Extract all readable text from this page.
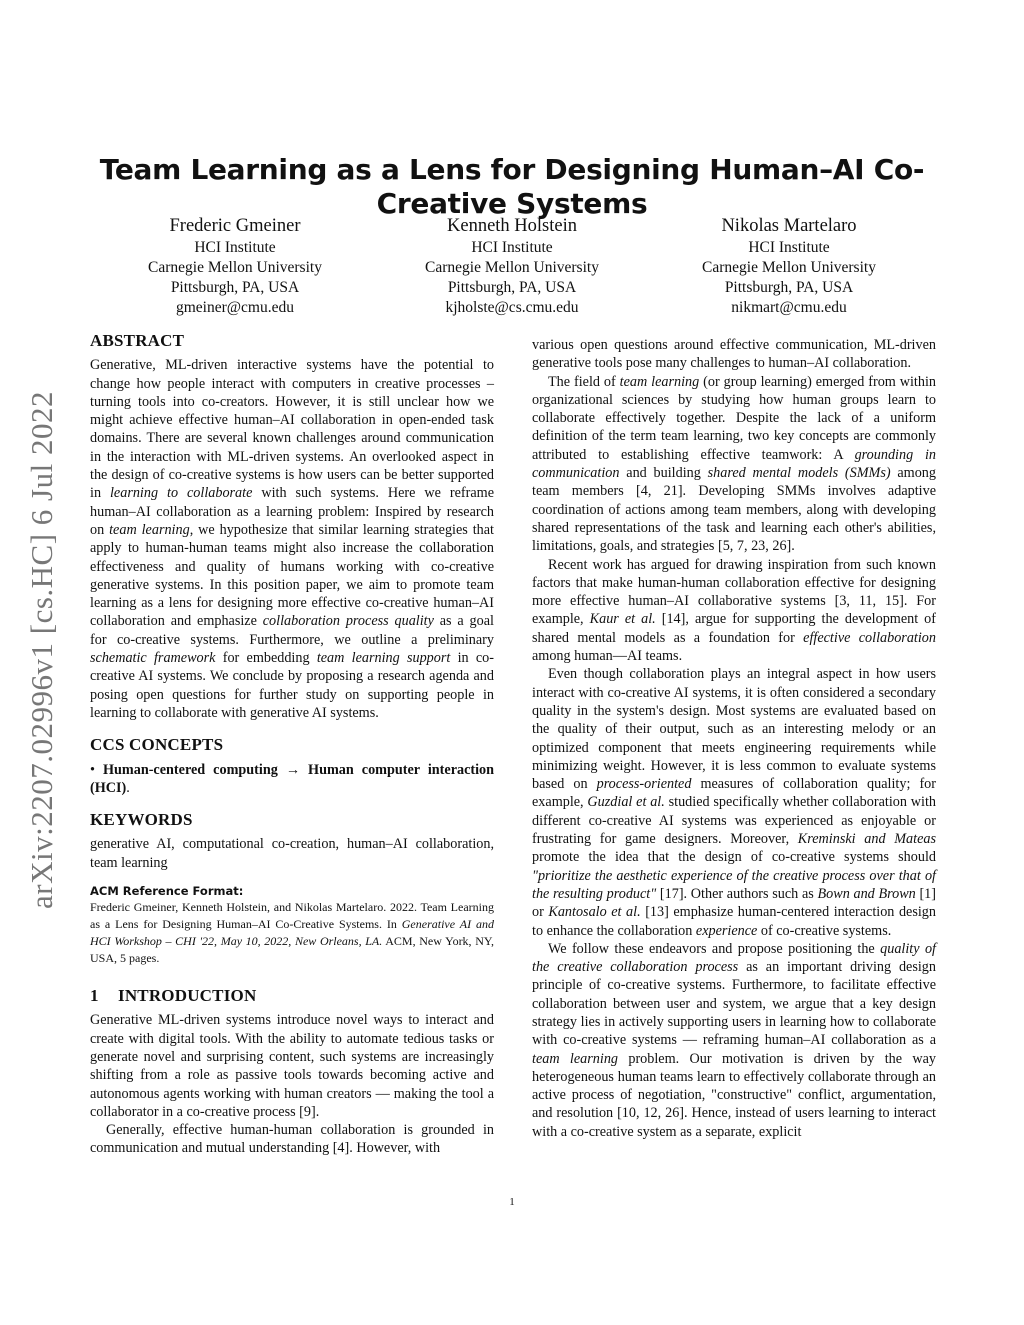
arXiv:2207.02996v1 [cs.HC] 6 Jul 2022
Team Learning as a Lens for Designing Human–AI Co-Creative Systems
Frederic Gmeiner
HCI Institute
Carnegie Mellon University
Pittsburgh, PA, USA
gmeiner@cmu.edu
Kenneth Holstein
HCI Institute
Carnegie Mellon University
Pittsburgh, PA, USA
kjholste@cs.cmu.edu
Nikolas Martelaro
HCI Institute
Carnegie Mellon University
Pittsburgh, PA, USA
nikmart@cmu.edu
ABSTRACT

Generative, ML-driven interactive systems have the potential to change how people interact with computers in creative processes – turning tools into co-creators. However, it is still unclear how we might achieve effective human–AI collaboration in open-ended task domains. There are several known challenges around communication in the interaction with ML-driven systems. An overlooked aspect in the design of co-creative systems is how users can be better supported in learning to collaborate with such systems. Here we reframe human–AI collaboration as a learning problem: Inspired by research on team learning, we hypothesize that similar learning strategies that apply to human-human teams might also increase the collaboration effectiveness and quality of humans working with co-creative generative systems. In this position paper, we aim to promote team learning as a lens for designing more effective co-creative human–AI collaboration and emphasize collaboration process quality as a goal for co-creative systems. Furthermore, we outline a preliminary schematic framework for embedding team learning support in co-creative AI systems. We conclude by proposing a research agenda and posing open questions for further study on supporting people in learning to collaborate with generative AI systems.

CCS CONCEPTS

• Human-centered computing → Human computer interaction (HCI).

KEYWORDS

generative AI, computational co-creation, human–AI collaboration, team learning

ACM Reference Format:

Frederic Gmeiner, Kenneth Holstein, and Nikolas Martelaro. 2022. Team Learning as a Lens for Designing Human–AI Co-Creative Systems. In Generative AI and HCI Workshop – CHI '22, May 10, 2022, New Orleans, LA. ACM, New York, NY, USA, 5 pages.

1 INTRODUCTION

Generative ML-driven systems introduce novel ways to interact and create with digital tools. With the ability to automate tedious tasks or generate novel and surprising content, such systems are increasingly shifting from a role as passive tools towards becoming active and autonomous agents working with human creators — making the tool a collaborator in a co-creative process [9].

Generally, effective human-human collaboration is grounded in communication and mutual understanding [4]. However, with

various open questions around effective communication, ML-driven generative tools pose many challenges to human–AI collaboration.

The field of team learning (or group learning) emerged from within organizational sciences by studying how human groups learn to collaborate effectively together. Despite the lack of a uniform definition of the term team learning, two key concepts are commonly attributed to establishing effective teamwork: A grounding in communication and building shared mental models (SMMs) among team members [4, 21]. Developing SMMs involves adaptive coordination of actions among team members, along with developing shared representations of the task and learning each other's abilities, limitations, goals, and strategies [5, 7, 23, 26].

Recent work has argued for drawing inspiration from such known factors that make human-human collaboration effective for designing more effective human–AI collaborative systems [3, 11, 15]. For example, Kaur et al. [14], argue for supporting the development of shared mental models as a foundation for effective collaboration among human—AI teams.

Even though collaboration plays an integral aspect in how users interact with co-creative AI systems, it is often considered a secondary quality in the system's design. Most systems are evaluated based on the quality of their output, such as an interesting melody or an optimized component that meets engineering requirements while minimizing weight. However, it is less common to evaluate systems based on process-oriented measures of collaboration quality; for example, Guzdial et al. studied specifically whether collaboration with different co-creative AI systems was experienced as enjoyable or frustrating for game designers. Moreover, Kreminski and Mateas promote the idea that the design of co-creative systems should "prioritize the aesthetic experience of the creative process over that of the resulting product" [17]. Other authors such as Bown and Brown [1] or Kantosalo et al. [13] emphasize human-centered interaction design to enhance the collaboration experience of co-creative systems.

We follow these endeavors and propose positioning the quality of the creative collaboration process as an important driving design principle of co-creative systems. Furthermore, to facilitate effective collaboration between user and system, we argue that a key design strategy lies in actively supporting users in learning how to collaborate with co-creative systems — reframing human–AI collaboration as a team learning problem. Our motivation is driven by the way heterogeneous human teams learn to effectively collaborate through an active process of negotiation, "constructive" conflict, argumentation, and resolution [10, 12, 26]. Hence, instead of users learning to interact with a co-creative system as a separate, explicit

1
